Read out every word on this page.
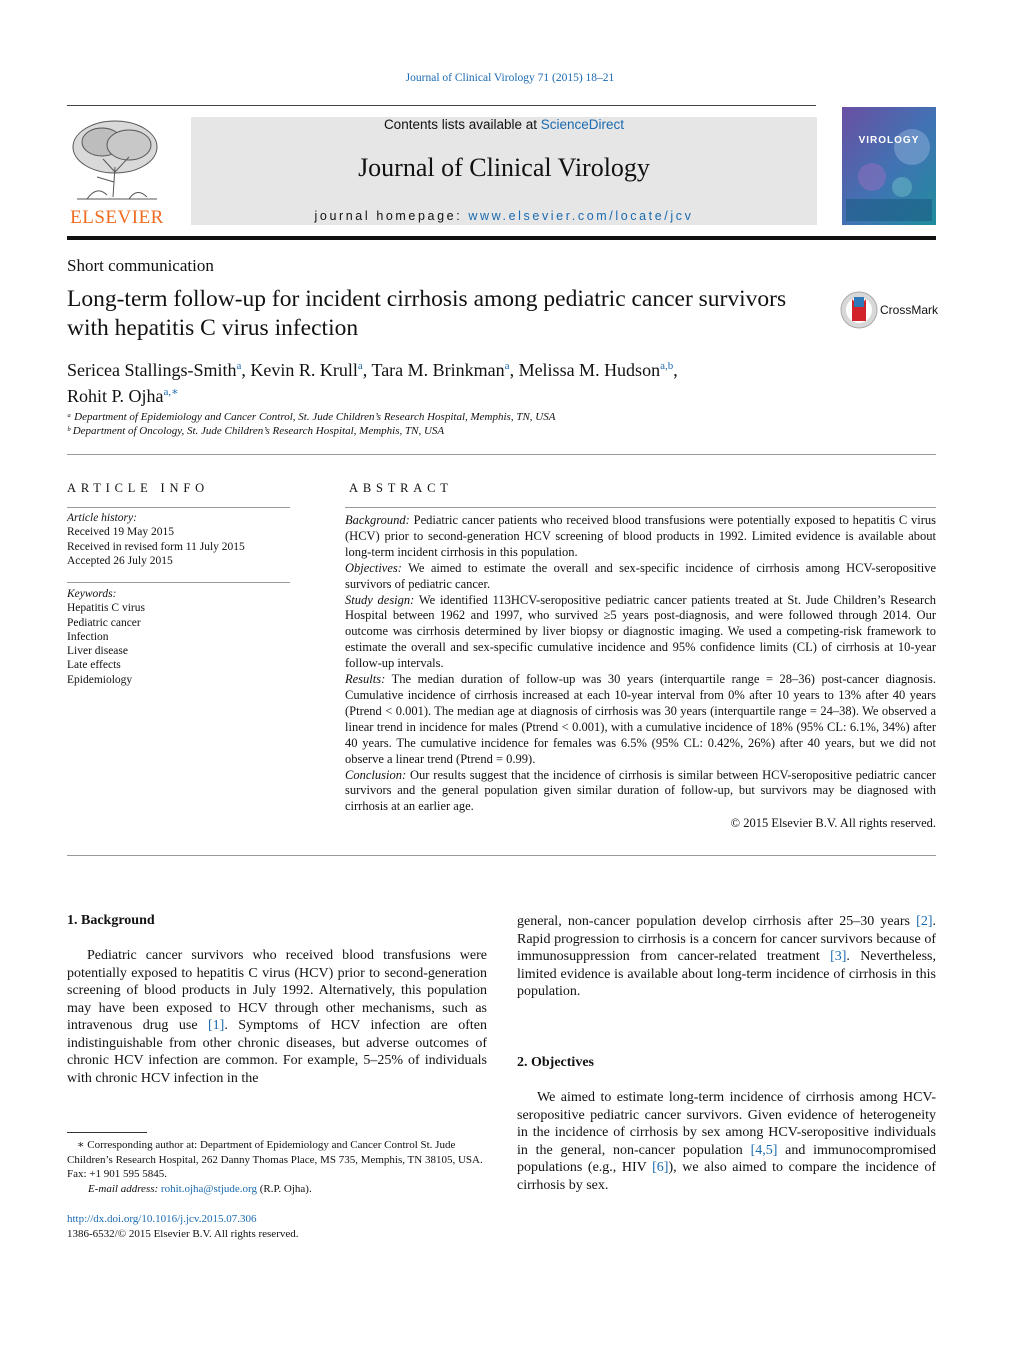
Journal of Clinical Virology 71 (2015) 18–21
ELSEVIER
Contents lists available at ScienceDirect
Journal of Clinical Virology
journal homepage: www.elsevier.com/locate/jcv
VIROLOGY
Short communication
Long-term follow-up for incident cirrhosis among pediatric cancer survivors with hepatitis C virus infection
CrossMark
Sericea Stallings-Smith$^a$, Kevin R. Krull$^a$, Tara M. Brinkman$^a$, Melissa M. Hudson$^{a,b}$,
Rohit P. Ojha$^{a,∗}$
ᵃ Department of Epidemiology and Cancer Control, St. Jude Children’s Research Hospital, Memphis, TN, USA
ᵇ Department of Oncology, St. Jude Children’s Research Hospital, Memphis, TN, USA
ARTICLE INFO
Article history:
Received 19 May 2015
Received in revised form 11 July 2015
Accepted 26 July 2015
Keywords:
Hepatitis C virus
Pediatric cancer
Infection
Liver disease
Late effects
Epidemiology
ABSTRACT

Background: Pediatric cancer patients who received blood transfusions were potentially exposed to hepatitis C virus (HCV) prior to second-generation HCV screening of blood products in 1992. Limited evidence is available about long-term incident cirrhosis in this population.

Objectives: We aimed to estimate the overall and sex-specific incidence of cirrhosis among HCV-seropositive survivors of pediatric cancer.

Study design: We identified 113HCV-seropositive pediatric cancer patients treated at St. Jude Children’s Research Hospital between 1962 and 1997, who survived ≥5 years post-diagnosis, and were followed through 2014. Our outcome was cirrhosis determined by liver biopsy or diagnostic imaging. We used a competing-risk framework to estimate the overall and sex-specific cumulative incidence and 95% confidence limits (CL) of cirrhosis at 10-year follow-up intervals.

Results: The median duration of follow-up was 30 years (interquartile range = 28–36) post-cancer diagnosis. Cumulative incidence of cirrhosis increased at each 10-year interval from 0% after 10 years to 13% after 40 years (Ptrend < 0.001). The median age at diagnosis of cirrhosis was 30 years (interquartile range = 24–38). We observed a linear trend in incidence for males (Ptrend < 0.001), with a cumulative incidence of 18% (95% CL: 6.1%, 34%) after 40 years. The cumulative incidence for females was 6.5% (95% CL: 0.42%, 26%) after 40 years, but we did not observe a linear trend (Ptrend = 0.99).

Conclusion: Our results suggest that the incidence of cirrhosis is similar between HCV-seropositive pediatric cancer survivors and the general population given similar duration of follow-up, but survivors may be diagnosed with cirrhosis at an earlier age.

© 2015 Elsevier B.V. All rights reserved.
1. Background

Pediatric cancer survivors who received blood transfusions were potentially exposed to hepatitis C virus (HCV) prior to second-generation screening of blood products in July 1992. Alternatively, this population may have been exposed to HCV through other mechanisms, such as intravenous drug use [1]. Symptoms of HCV infection are often indistinguishable from other chronic diseases, but adverse outcomes of chronic HCV infection are common. For example, 5–25% of individuals with chronic HCV infection in the

∗ Corresponding author at: Department of Epidemiology and Cancer Control St. Jude Children’s Research Hospital, 262 Danny Thomas Place, MS 735, Memphis, TN 38105, USA. Fax: +1 901 595 5845.
E-mail address: rohit.ojha@stjude.org (R.P. Ojha).
http://dx.doi.org/10.1016/j.jcv.2015.07.306
1386-6532/© 2015 Elsevier B.V. All rights reserved.

general, non-cancer population develop cirrhosis after 25–30 years [2]. Rapid progression to cirrhosis is a concern for cancer survivors because of immunosuppression from cancer-related treatment [3]. Nevertheless, limited evidence is available about long-term incidence of cirrhosis in this population.

2. Objectives

We aimed to estimate long-term incidence of cirrhosis among HCV-seropositive pediatric cancer survivors. Given evidence of heterogeneity in the incidence of cirrhosis by sex among HCV-seropositive individuals in the general, non-cancer population [4,5] and immunocompromised populations (e.g., HIV [6]), we also aimed to compare the incidence of cirrhosis by sex.
